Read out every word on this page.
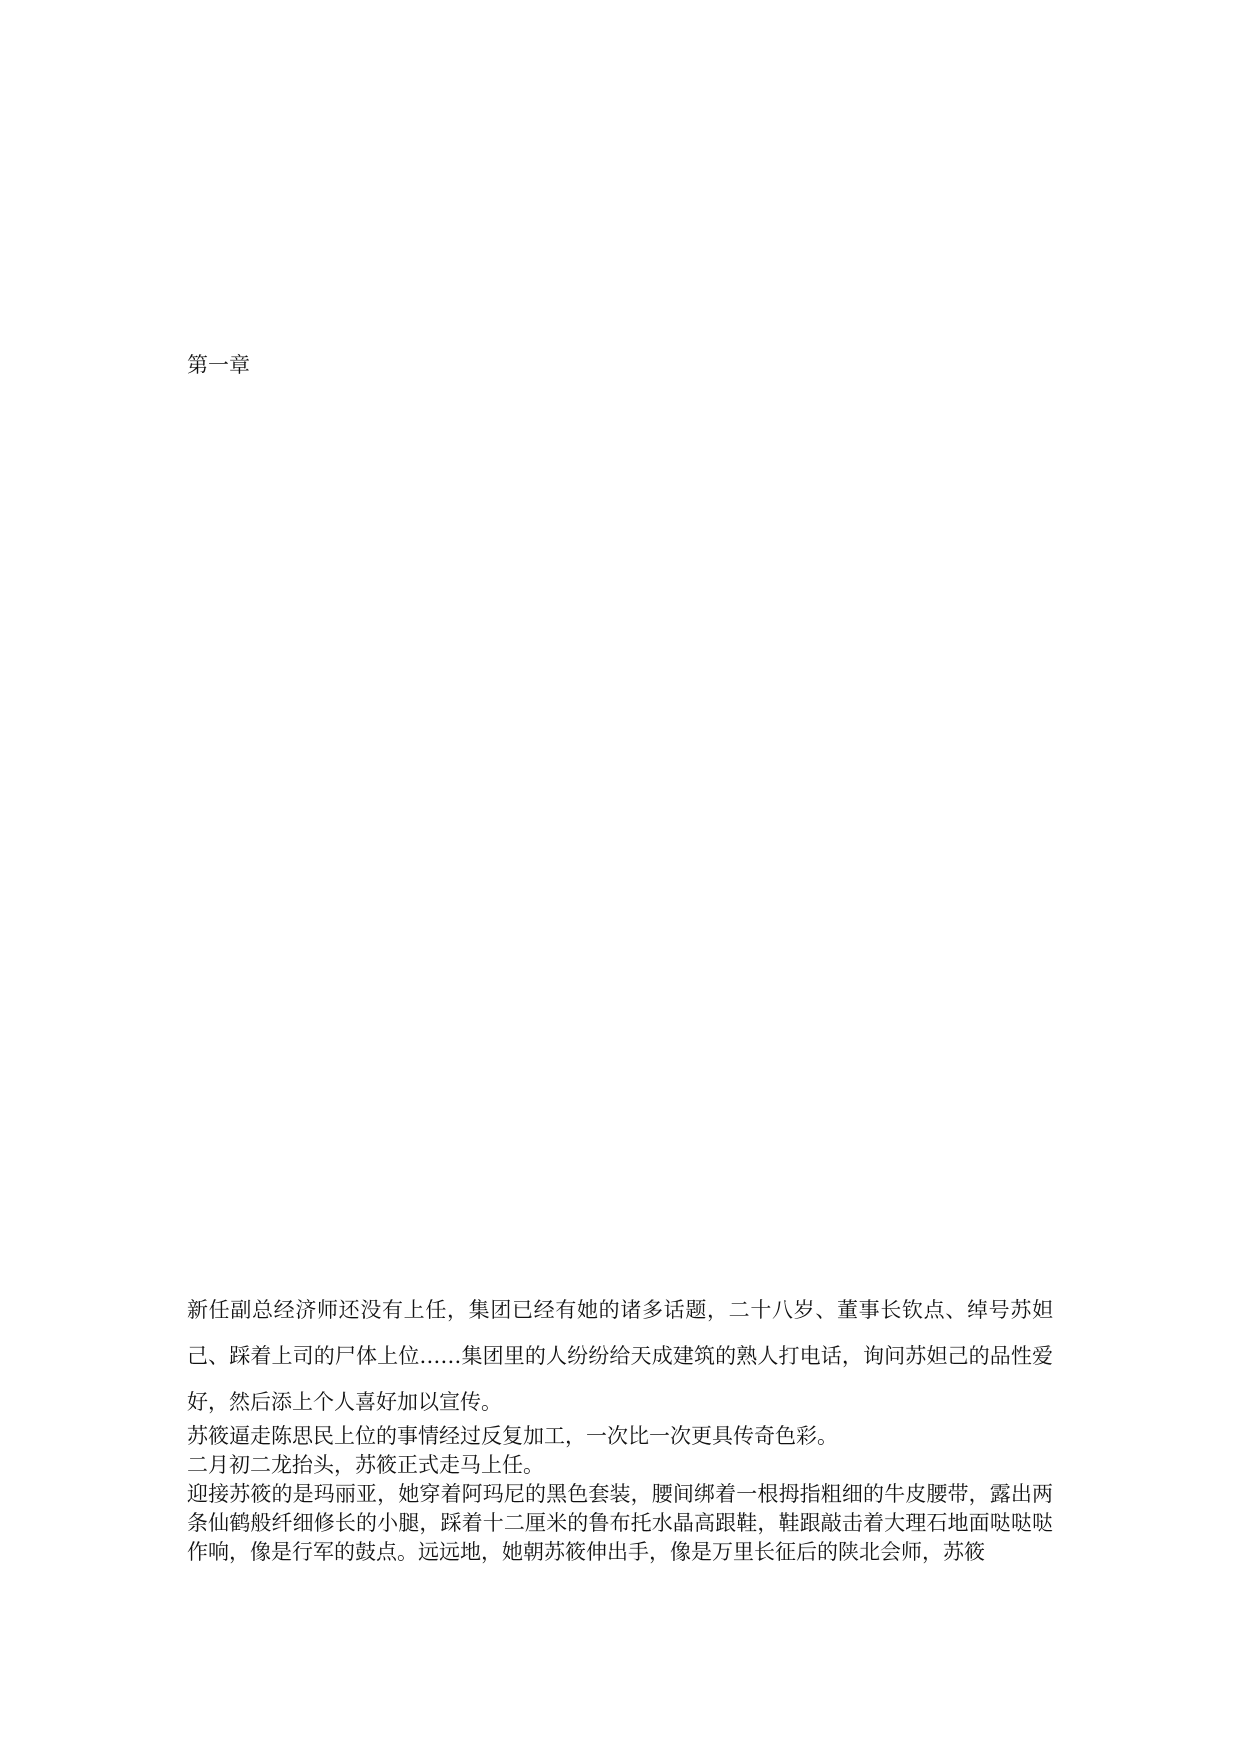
第一章

新任副总经济师还没有上任，集团已经有她的诸多话题，二十八岁、董事长钦点、绰号苏妲己、踩着上司的尸体上位……集团里的人纷纷给天成建筑的熟人打电话，询问苏妲己的品性爱好，然后添上个人喜好加以宣传。

苏筱逼走陈思民上位的事情经过反复加工，一次比一次更具传奇色彩。

二月初二龙抬头，苏筱正式走马上任。

迎接苏筱的是玛丽亚，她穿着阿玛尼的黑色套装，腰间绑着一根拇指粗细的牛皮腰带，露出两条仙鹤般纤细修长的小腿，踩着十二厘米的鲁布托水晶高跟鞋，鞋跟敲击着大理石地面哒哒哒作响，像是行军的鼓点。远远地，她朝苏筱伸出手，像是万里长征后的陕北会师，苏筱
